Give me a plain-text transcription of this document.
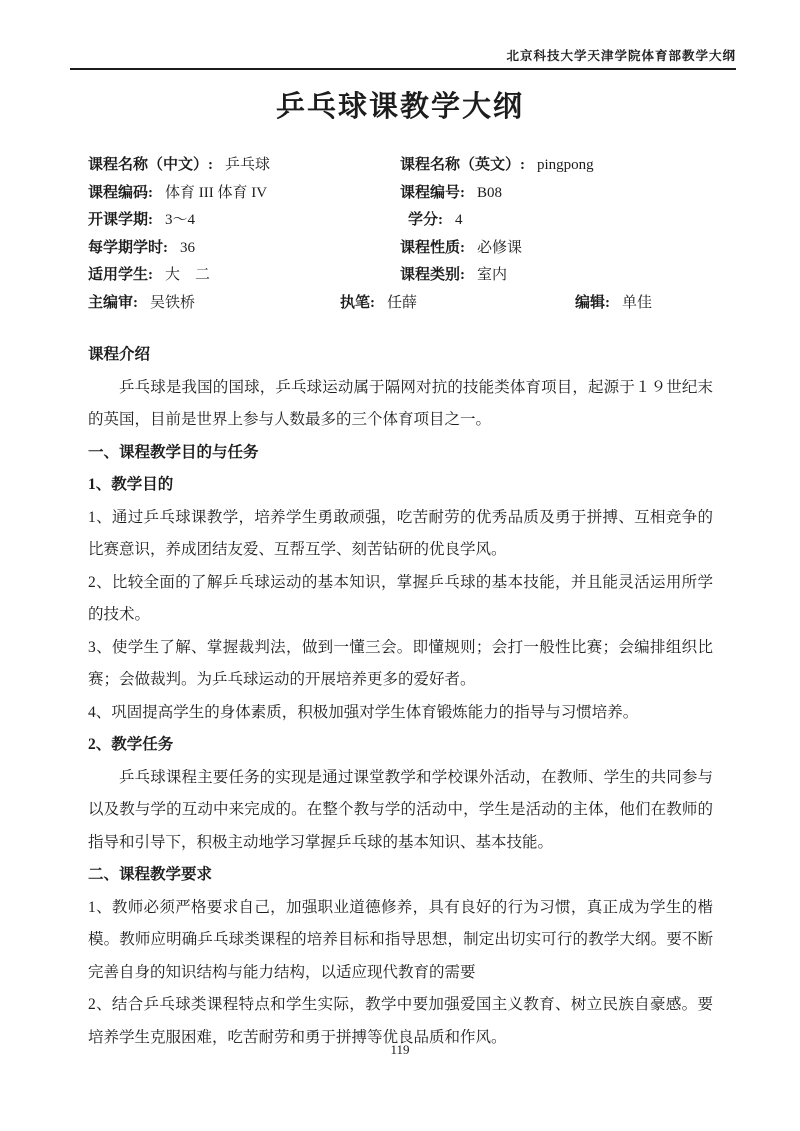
北京科技大学天津学院体育部教学大纲
乒乓球课教学大纲
课程名称（中文）: 乒乓球	课程名称（英文）: pingpong
课程编码: 体育 III 体育 IV	课程编号: B08
开课学期: 3～4	学分: 4
每学期学时: 36	课程性质: 必修课
适用学生: 大　二	课程类别: 室内
主编审: 吴铁桥	执笔: 任薛	编辑: 单佳
课程介绍

乒乓球是我国的国球，乒乓球运动属于隔网对抗的技能类体育项目，起源于１９世纪末的英国，目前是世界上参与人数最多的三个体育项目之一。

一、课程教学目的与任务
1、教学目的

1、通过乒乓球课教学，培养学生勇敢顽强，吃苦耐劳的优秀品质及勇于拼搏、互相竞争的比赛意识，养成团结友爱、互帮互学、刻苦钻研的优良学风。

2、比较全面的了解乒乓球运动的基本知识，掌握乒乓球的基本技能，并且能灵活运用所学的技术。

3、使学生了解、掌握裁判法，做到一懂三会。即懂规则；会打一般性比赛；会编排组织比赛；会做裁判。为乒乓球运动的开展培养更多的爱好者。

4、巩固提高学生的身体素质，积极加强对学生体育锻炼能力的指导与习惯培养。

2、教学任务

乒乓球课程主要任务的实现是通过课堂教学和学校课外活动，在教师、学生的共同参与以及教与学的互动中来完成的。在整个教与学的活动中，学生是活动的主体，他们在教师的指导和引导下，积极主动地学习掌握乒乓球的基本知识、基本技能。

二、课程教学要求

1、教师必须严格要求自己，加强职业道德修养，具有良好的行为习惯，真正成为学生的楷模。教师应明确乒乓球类课程的培养目标和指导思想，制定出切实可行的教学大纲。要不断完善自身的知识结构与能力结构，以适应现代教育的需要

2、结合乒乓球类课程特点和学生实际，教学中要加强爱国主义教育、树立民族自豪感。要培养学生克服困难，吃苦耐劳和勇于拼搏等优良品质和作风。

119
